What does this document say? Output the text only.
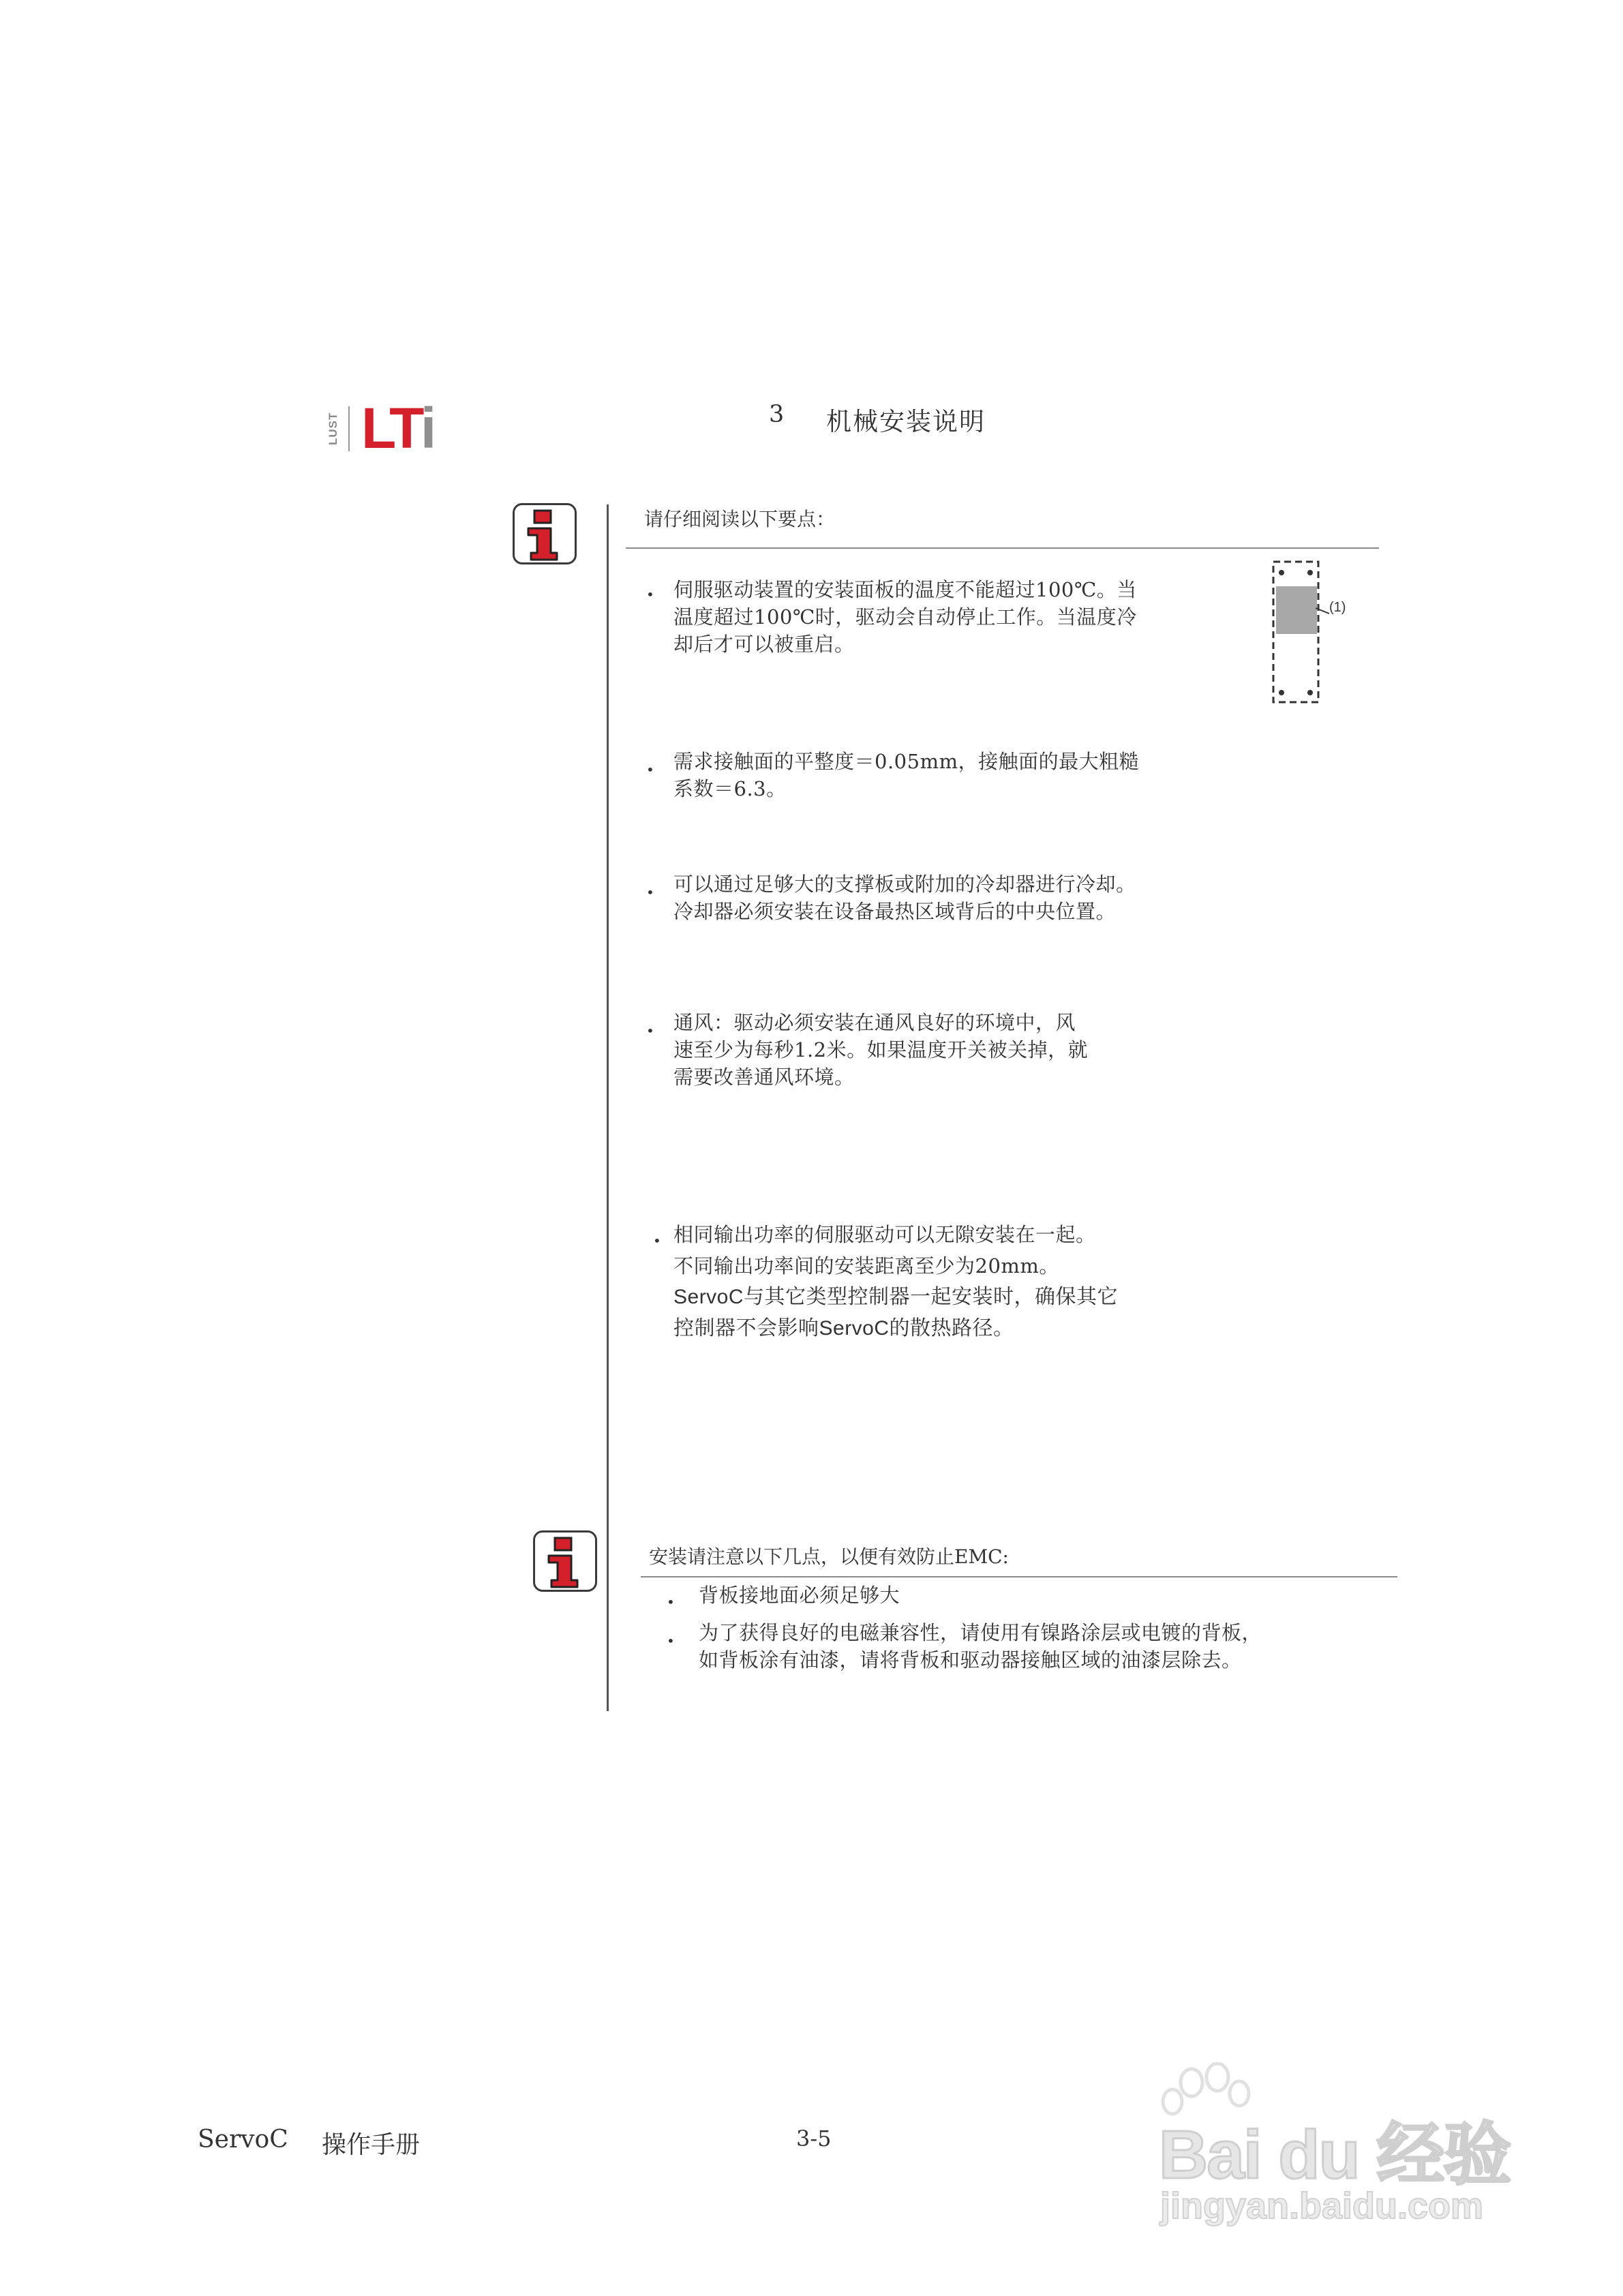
LUST LTi	3 机械安装说明
请仔细阅读以下要点：
• 伺服驱动装置的安装面板的温度不能超过100℃。当
温度超过100℃时，驱动会自动停止工作。当温度冷
却后才可以被重启。
• 需求接触面的平整度＝0.05mm，接触面的最大粗糙
系数＝6.3。
• 可以通过足够大的支撑板或附加的冷却器进行冷却。
冷却器必须安装在设备最热区域背后的中央位置。
• 通风：驱动必须安装在通风良好的环境中，风
速至少为每秒1.2米。如果温度开关被关掉，就
需要改善通风环境。
• 相同输出功率的伺服驱动可以无隙安装在一起。
不同输出功率间的安装距离至少为20mm。
ServoC与其它类型控制器一起安装时，确保其它
控制器不会影响ServoC的散热路径。
(1)
安装请注意以下几点，以便有效防止EMC:
• 背板接地面必须足够大
• 为了获得良好的电磁兼容性，请使用有镍路涂层或电镀的背板，
如背板涂有油漆，请将背板和驱动器接触区域的油漆层除去。
ServoC 操作手册	3-5	Bai du 经验
jingyan.baidu.com
